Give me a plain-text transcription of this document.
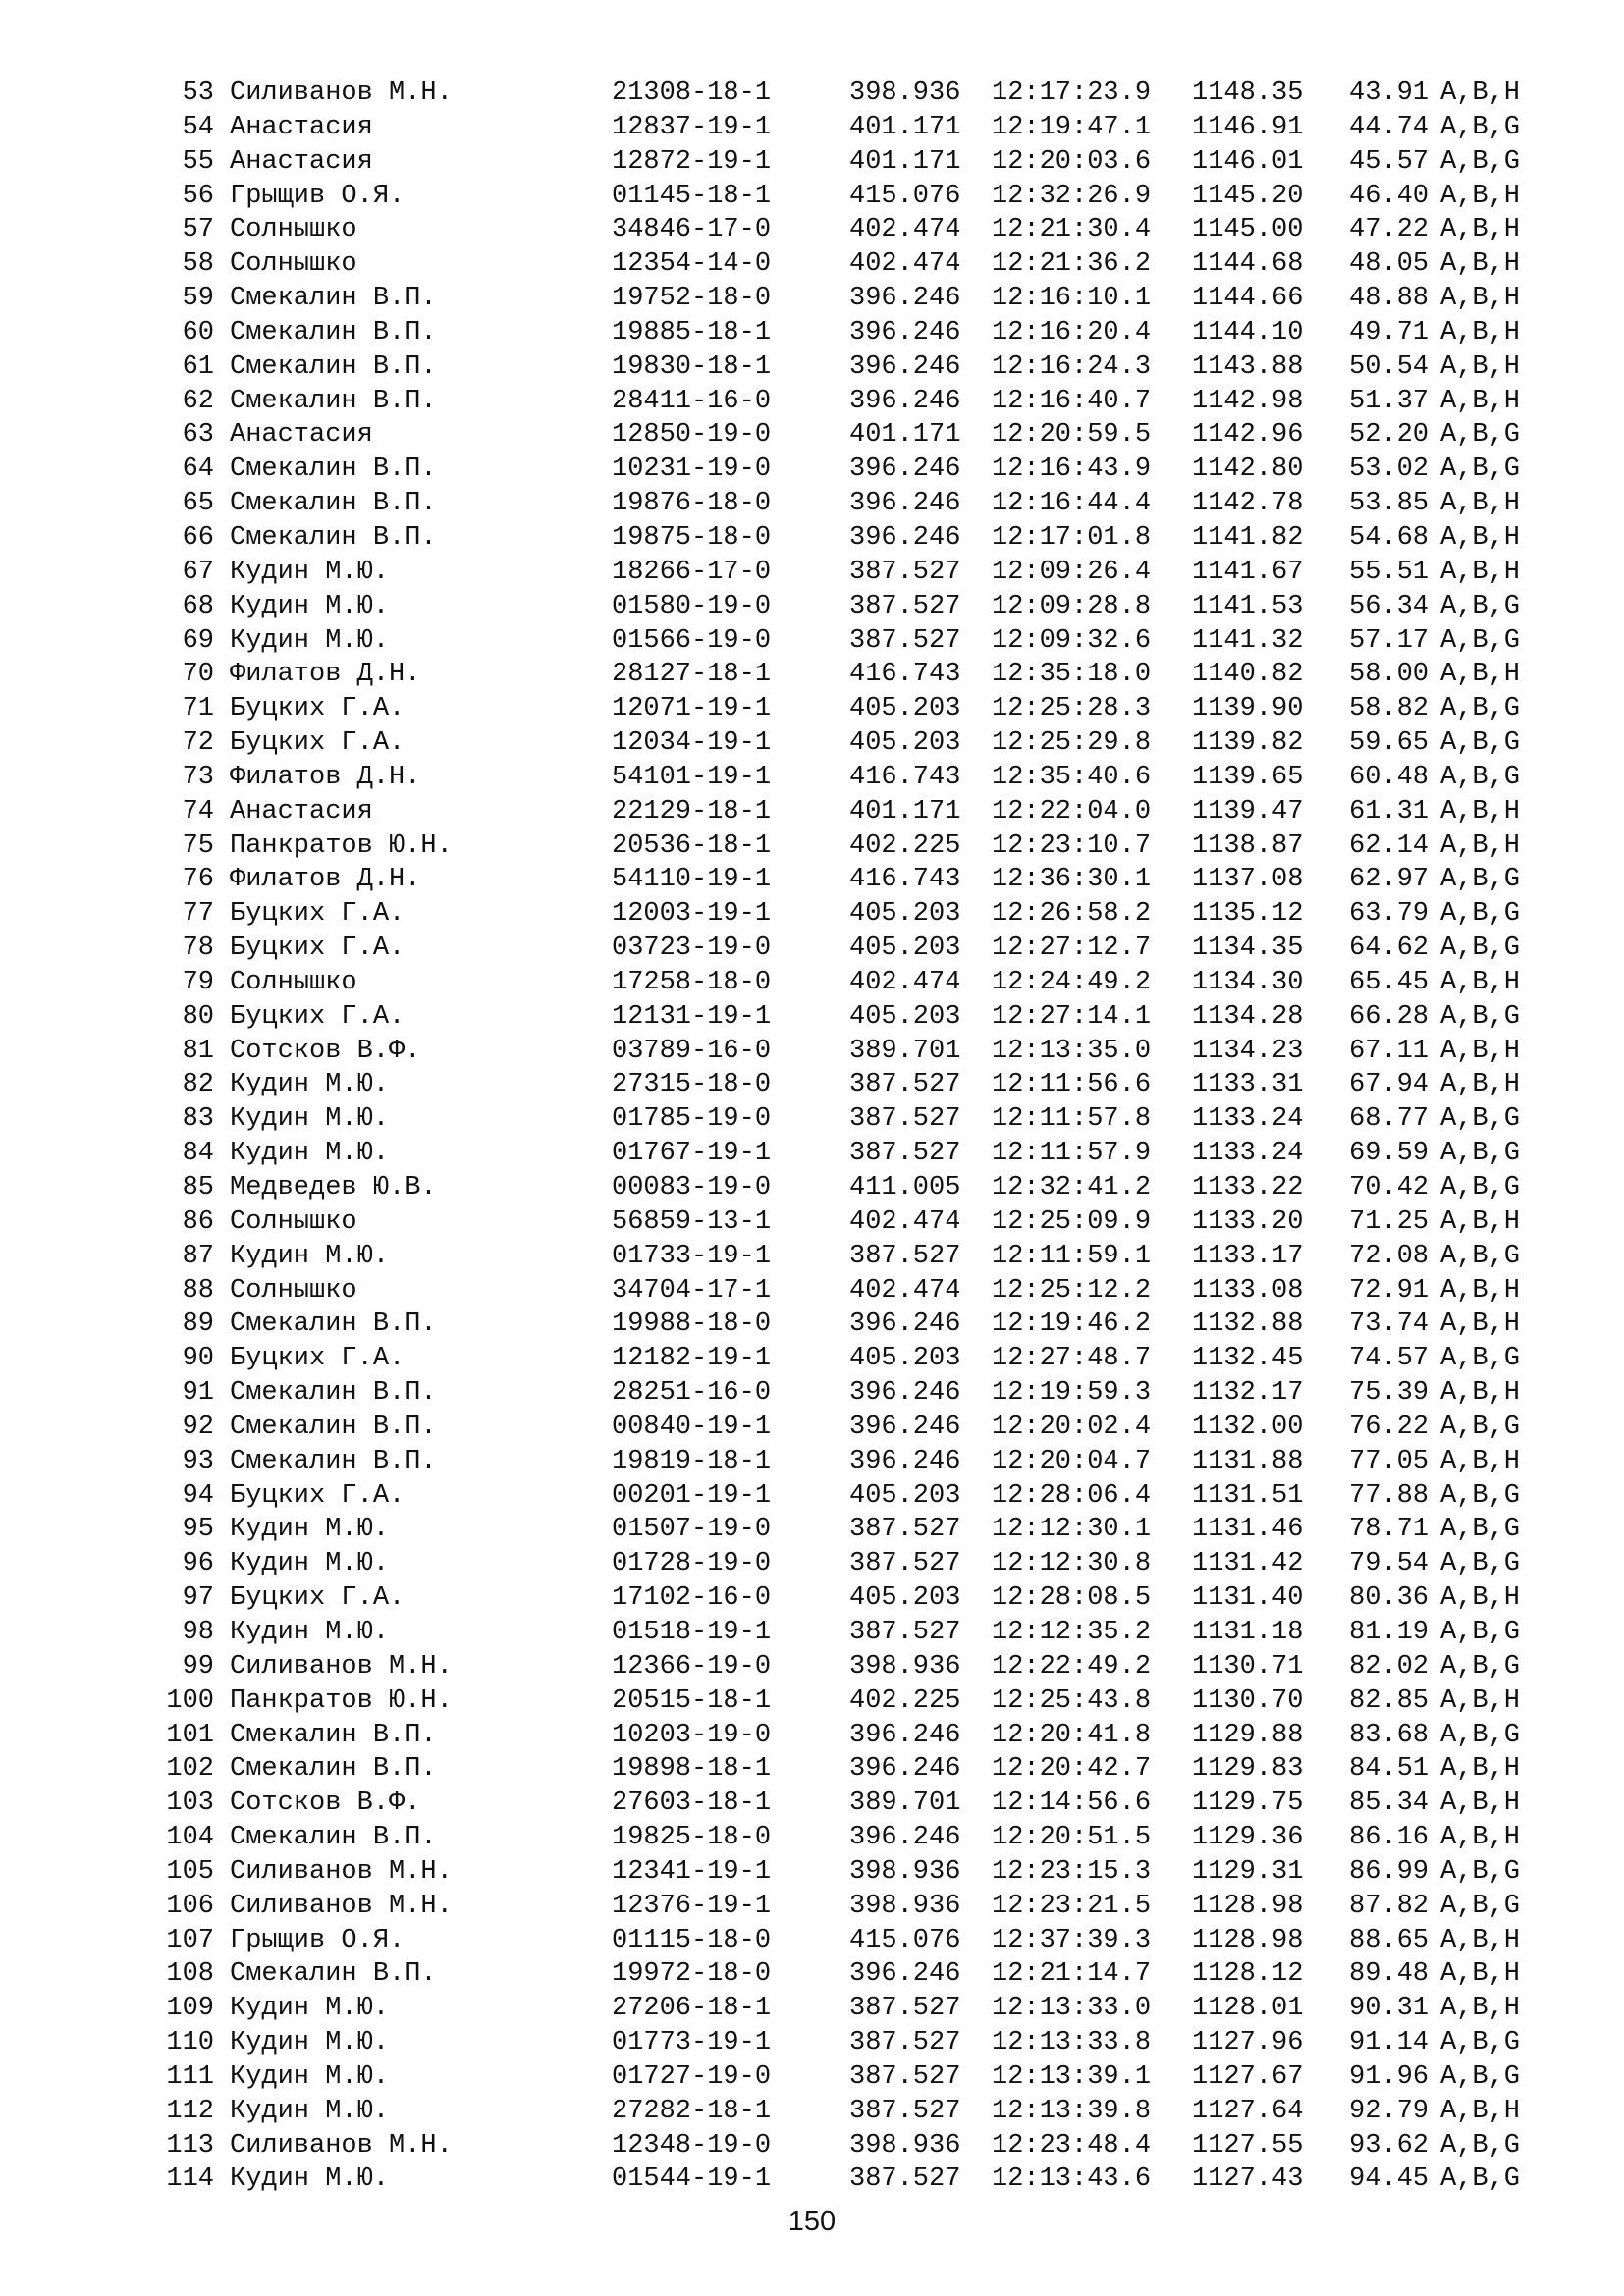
53 Силиванов М.Н.	21308-18-1	398.936 12:17:23.9 1148.35 43.91 A,B,H
54 Анастасия	12837-19-1	401.171 12:19:47.1 1146.91 44.74 A,B,G
55 Анастасия	12872-19-1	401.171 12:20:03.6 1146.01 45.57 A,B,G
56 Грыщив О.Я.	01145-18-1	415.076 12:32:26.9 1145.20 46.40 A,B,H
57 Солнышко	34846-17-0	402.474 12:21:30.4 1145.00 47.22 A,B,H
58 Солнышко	12354-14-0	402.474 12:21:36.2 1144.68 48.05 A,B,H
59 Смекалин В.П.	19752-18-0	396.246 12:16:10.1 1144.66 48.88 A,B,H
60 Смекалин В.П.	19885-18-1	396.246 12:16:20.4 1144.10 49.71 A,B,H
61 Смекалин В.П.	19830-18-1	396.246 12:16:24.3 1143.88 50.54 A,B,H
62 Смекалин В.П.	28411-16-0	396.246 12:16:40.7 1142.98 51.37 A,B,H
63 Анастасия	12850-19-0	401.171 12:20:59.5 1142.96 52.20 A,B,G
64 Смекалин В.П.	10231-19-0	396.246 12:16:43.9 1142.80 53.02 A,B,G
65 Смекалин В.П.	19876-18-0	396.246 12:16:44.4 1142.78 53.85 A,B,H
66 Смекалин В.П.	19875-18-0	396.246 12:17:01.8 1141.82 54.68 A,B,H
67 Кудин М.Ю.	18266-17-0	387.527 12:09:26.4 1141.67 55.51 A,B,H
68 Кудин М.Ю.	01580-19-0	387.527 12:09:28.8 1141.53 56.34 A,B,G
69 Кудин М.Ю.	01566-19-0	387.527 12:09:32.6 1141.32 57.17 A,B,G
70 Филатов Д.Н.	28127-18-1	416.743 12:35:18.0 1140.82 58.00 A,B,H
71 Буцких Г.А.	12071-19-1	405.203 12:25:28.3 1139.90 58.82 A,B,G
72 Буцких Г.А.	12034-19-1	405.203 12:25:29.8 1139.82 59.65 A,B,G
73 Филатов Д.Н.	54101-19-1	416.743 12:35:40.6 1139.65 60.48 A,B,G
74 Анастасия	22129-18-1	401.171 12:22:04.0 1139.47 61.31 A,B,H
75 Панкратов Ю.Н.	20536-18-1	402.225 12:23:10.7 1138.87 62.14 A,B,H
76 Филатов Д.Н.	54110-19-1	416.743 12:36:30.1 1137.08 62.97 A,B,G
77 Буцких Г.А.	12003-19-1	405.203 12:26:58.2 1135.12 63.79 A,B,G
78 Буцких Г.А.	03723-19-0	405.203 12:27:12.7 1134.35 64.62 A,B,G
79 Солнышко	17258-18-0	402.474 12:24:49.2 1134.30 65.45 A,B,H
80 Буцких Г.А.	12131-19-1	405.203 12:27:14.1 1134.28 66.28 A,B,G
81 Сотсков В.Ф.	03789-16-0	389.701 12:13:35.0 1134.23 67.11 A,B,H
82 Кудин М.Ю.	27315-18-0	387.527 12:11:56.6 1133.31 67.94 A,B,H
83 Кудин М.Ю.	01785-19-0	387.527 12:11:57.8 1133.24 68.77 A,B,G
84 Кудин М.Ю.	01767-19-1	387.527 12:11:57.9 1133.24 69.59 A,B,G
85 Медведев Ю.В.	00083-19-0	411.005 12:32:41.2 1133.22 70.42 A,B,G
86 Солнышко	56859-13-1	402.474 12:25:09.9 1133.20 71.25 A,B,H
87 Кудин М.Ю.	01733-19-1	387.527 12:11:59.1 1133.17 72.08 A,B,G
88 Солнышко	34704-17-1	402.474 12:25:12.2 1133.08 72.91 A,B,H
89 Смекалин В.П.	19988-18-0	396.246 12:19:46.2 1132.88 73.74 A,B,H
90 Буцких Г.А.	12182-19-1	405.203 12:27:48.7 1132.45 74.57 A,B,G
91 Смекалин В.П.	28251-16-0	396.246 12:19:59.3 1132.17 75.39 A,B,H
92 Смекалин В.П.	00840-19-1	396.246 12:20:02.4 1132.00 76.22 A,B,G
93 Смекалин В.П.	19819-18-1	396.246 12:20:04.7 1131.88 77.05 A,B,H
94 Буцких Г.А.	00201-19-1	405.203 12:28:06.4 1131.51 77.88 A,B,G
95 Кудин М.Ю.	01507-19-0	387.527 12:12:30.1 1131.46 78.71 A,B,G
96 Кудин М.Ю.	01728-19-0	387.527 12:12:30.8 1131.42 79.54 A,B,G
97 Буцких Г.А.	17102-16-0	405.203 12:28:08.5 1131.40 80.36 A,B,H
98 Кудин М.Ю.	01518-19-1	387.527 12:12:35.2 1131.18 81.19 A,B,G
99 Силиванов М.Н.	12366-19-0	398.936 12:22:49.2 1130.71 82.02 A,B,G
100 Панкратов Ю.Н.	20515-18-1	402.225 12:25:43.8 1130.70 82.85 A,B,H
101 Смекалин В.П.	10203-19-0	396.246 12:20:41.8 1129.88 83.68 A,B,G
102 Смекалин В.П.	19898-18-1	396.246 12:20:42.7 1129.83 84.51 A,B,H
103 Сотсков В.Ф.	27603-18-1	389.701 12:14:56.6 1129.75 85.34 A,B,H
104 Смекалин В.П.	19825-18-0	396.246 12:20:51.5 1129.36 86.16 A,B,H
105 Силиванов М.Н.	12341-19-1	398.936 12:23:15.3 1129.31 86.99 A,B,G
106 Силиванов М.Н.	12376-19-1	398.936 12:23:21.5 1128.98 87.82 A,B,G
107 Грыщив О.Я.	01115-18-0	415.076 12:37:39.3 1128.98 88.65 A,B,H
108 Смекалин В.П.	19972-18-0	396.246 12:21:14.7 1128.12 89.48 A,B,H
109 Кудин М.Ю.	27206-18-1	387.527 12:13:33.0 1128.01 90.31 A,B,H
110 Кудин М.Ю.	01773-19-1	387.527 12:13:33.8 1127.96 91.14 A,B,G
111 Кудин М.Ю.	01727-19-0	387.527 12:13:39.1 1127.67 91.96 A,B,G
112 Кудин М.Ю.	27282-18-1	387.527 12:13:39.8 1127.64 92.79 A,B,H
113 Силиванов М.Н.	12348-19-0	398.936 12:23:48.4 1127.55 93.62 A,B,G
114 Кудин М.Ю.	01544-19-1	387.527 12:13:43.6 1127.43 94.45 A,B,G
150
